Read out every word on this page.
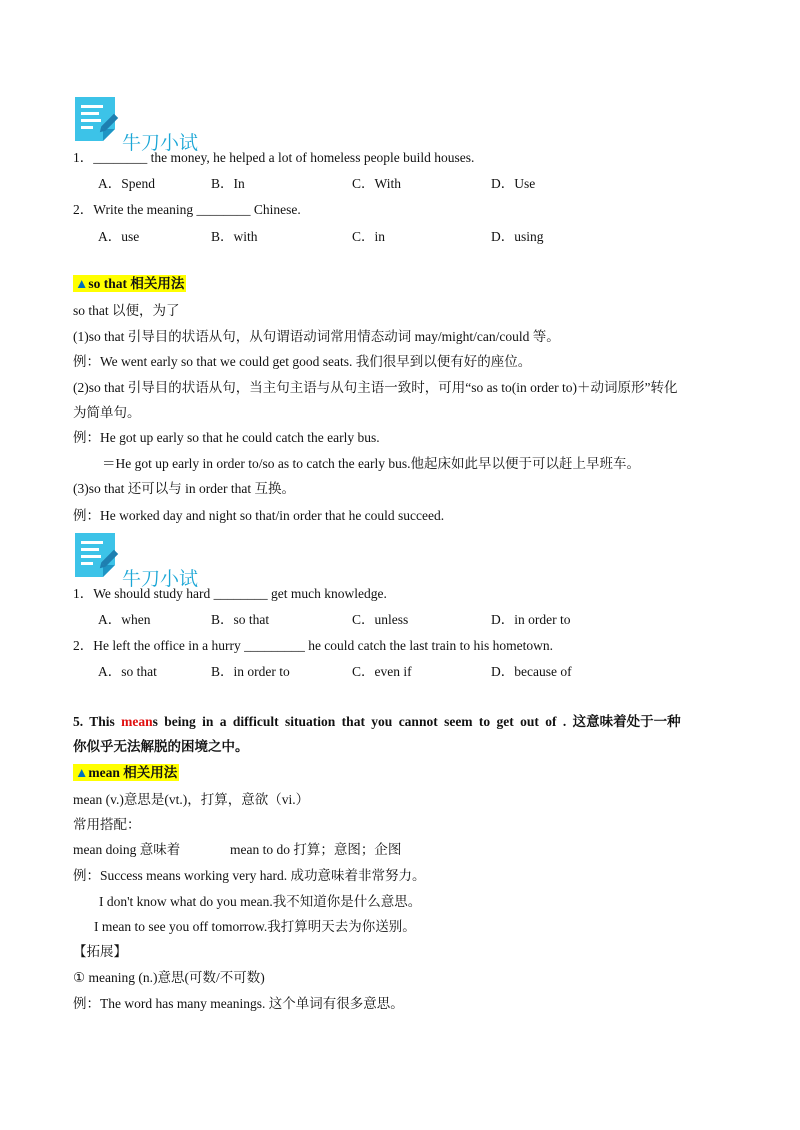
牛刀小试
1．________ the money, he helped a lot of homeless people build houses.
A．Spend	B．In	C．With	D．Use
2．Write the meaning ________ Chinese.
A．use	B．with	C．in	D．using
▲so that 相关用法
so that 以便，为了
(1)so that 引导目的状语从句，从句谓语动词常用情态动词 may/might/can/could 等。
例：We went early so that we could get good seats. 我们很早到以便有好的座位。
(2)so that 引导目的状语从句，当主句主语与从句主语一致时，可用“so as to(in order to)＋动词原形”转化
为简单句。
例：He got up early so that he could catch the early bus.
＝He got up early in order to/so as to catch the early bus.他起床如此早以便于可以赶上早班车。
(3)so that 还可以与 in order that 互换。
例：He worked day and night so that/in order that he could succeed.
牛刀小试
1．We should study hard ________ get much knowledge.
A．when	B．so that	C．unless	D．in order to
2．He left the office in a hurry _________ he could catch the last train to his hometown.
A．so that	B．in order to	C．even if	D．because of
5. This means being in a difficult situation that you cannot seem to get out of . 这意味着处于一种
你似乎无法解脱的困境之中。
▲mean 相关用法
mean (v.)意思是(vt.)，打算，意欲（vi.）
常用搭配：
mean doing 意味着	mean to do 打算；意图；企图
例：Success means working very hard. 成功意味着非常努力。
I don't know what do you mean.我不知道你是什么意思。
I mean to see you off tomorrow.我打算明天去为你送别。
【拓展】
① meaning (n.)意思(可数/不可数)
例：The word has many meanings. 这个单词有很多意思。
